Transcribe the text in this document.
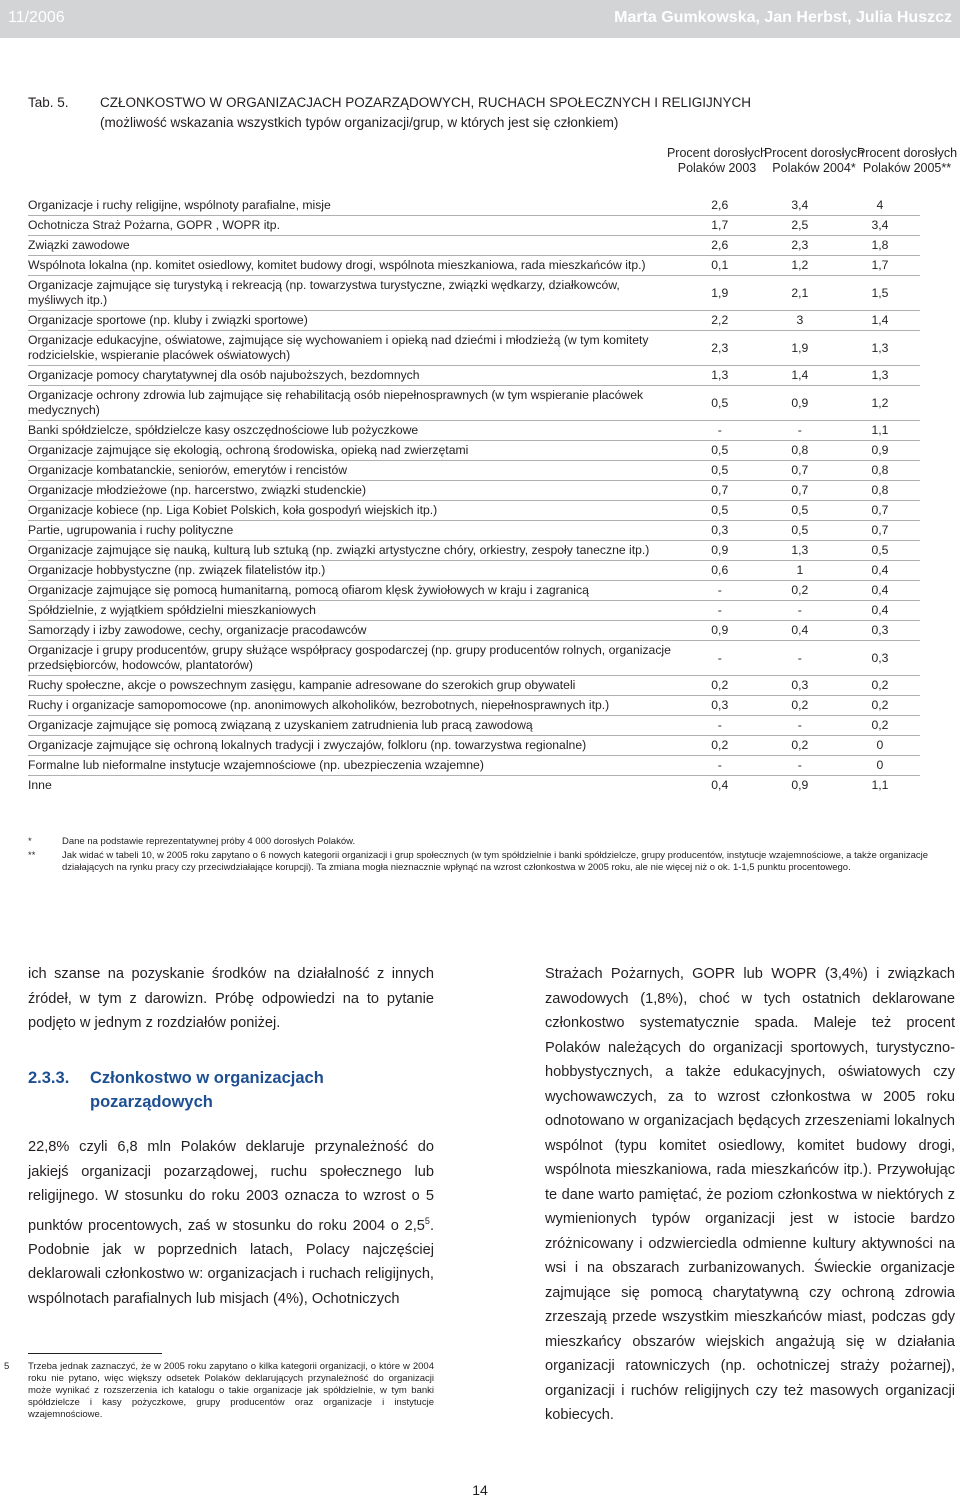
11/2006	Marta Gumkowska, Jan Herbst, Julia Huszcz
Tab. 5. CZŁONKOSTWO W ORGANIZACJACH POZARZĄDOWYCH, RUCHACH SPOŁECZNYCH I RELIGIJNYCH
(możliwość wskazania wszystkich typów organizacji/grup, w których jest się członkiem)
Procent dorosłych Polaków 2003
Procent dorosłych Polaków 2004*
Procent dorosłych Polaków 2005**
Organizacje i ruchy religijne, wspólnoty parafialne, misje	2,6	3,4	4
Ochotnicza Straż Pożarna, GOPR , WOPR itp.	1,7	2,5	3,4
Związki zawodowe	2,6	2,3	1,8
Wspólnota lokalna (np. komitet osiedlowy, komitet budowy drogi, wspólnota mieszkaniowa, rada mieszkańców itp.)	0,1	1,2	1,7
Organizacje zajmujące się turystyką i rekreacją (np. towarzystwa turystyczne, związki wędkarzy, działkowców, myśliwych itp.)	1,9	2,1	1,5
Organizacje sportowe (np. kluby i związki sportowe)	2,2	3	1,4
Organizacje edukacyjne, oświatowe, zajmujące się wychowaniem i opieką nad dziećmi i młodzieżą (w tym komitety rodzicielskie, wspieranie placówek oświatowych)	2,3	1,9	1,3
Organizacje pomocy charytatywnej dla osób najuboższych, bezdomnych	1,3	1,4	1,3
Organizacje ochrony zdrowia lub zajmujące się rehabilitacją osób niepełnosprawnych (w tym wspieranie placówek medycznych)	0,5	0,9	1,2
Banki spółdzielcze, spółdzielcze kasy oszczędnościowe lub pożyczkowe	-	-	1,1
Organizacje zajmujące się ekologią, ochroną środowiska, opieką nad zwierzętami	0,5	0,8	0,9
Organizacje kombatanckie, seniorów, emerytów i rencistów	0,5	0,7	0,8
Organizacje młodzieżowe (np. harcerstwo, związki studenckie)	0,7	0,7	0,8
Organizacje kobiece (np. Liga Kobiet Polskich, koła gospodyń wiejskich itp.)	0,5	0,5	0,7
Partie, ugrupowania i ruchy polityczne	0,3	0,5	0,7
Organizacje zajmujące się nauką, kulturą lub sztuką (np. związki artystyczne chóry, orkiestry, zespoły taneczne itp.)	0,9	1,3	0,5
Organizacje hobbystyczne (np. związek filatelistów itp.)	0,6	1	0,4
Organizacje zajmujące się pomocą humanitarną, pomocą ofiarom klęsk żywiołowych w kraju i zagranicą	-	0,2	0,4
Spółdzielnie, z wyjątkiem spółdzielni mieszkaniowych	-	-	0,4
Samorządy i izby zawodowe, cechy, organizacje pracodawców	0,9	0,4	0,3
Organizacje i grupy producentów, grupy służące współpracy gospodarczej (np. grupy producentów rolnych, organizacje przedsiębiorców, hodowców, plantatorów)	-	-	0,3
Ruchy społeczne, akcje o powszechnym zasięgu, kampanie adresowane do szerokich grup obywateli	0,2	0,3	0,2
Ruchy i organizacje samopomocowe (np. anonimowych alkoholików, bezrobotnych, niepełnosprawnych itp.)	0,3	0,2	0,2
Organizacje zajmujące się pomocą związaną z uzyskaniem zatrudnienia lub pracą zawodową	-	-	0,2
Organizacje zajmujące się ochroną lokalnych tradycji i zwyczajów, folkloru (np. towarzystwa regionalne)	0,2	0,2	0
Formalne lub nieformalne instytucje wzajemnościowe (np. ubezpieczenia wzajemne)	-	-	0
Inne	0,4	0,9	1,1
*	Dane na podstawie reprezentatywnej próby 4 000 dorosłych Polaków.
**	Jak widać w tabeli 10, w 2005 roku zapytano o 6 nowych kategorii organizacji i grup społecznych (w tym spółdzielnie i banki spółdzielcze, grupy producentów, instytucje wzajemnościowe, a także organizacje działających na rynku pracy czy przeciwdziałające korupcji). Ta zmiana mogła nieznacznie wpłynąć na wzrost członkostwa w 2005 roku, ale nie więcej niż o ok. 1-1,5 punktu procentowego.

ich szanse na pozyskanie środków na działalność z innych źródeł, w tym z darowizn. Próbę odpowiedzi na to pytanie podjęto w jednym z rozdziałów poniżej.

2.3.3. Członkostwo w organizacjach pozarządowych

22,8% czyli 6,8 mln Polaków deklaruje przynależność do jakiejś organizacji pozarządowej, ruchu społecznego lub religijnego. W stosunku do roku 2003 oznacza to wzrost o 5 punktów procentowych, zaś w stosunku do roku 2004 o $2,5^5$. Podobnie jak w poprzednich latach, Polacy najczęściej deklarowali członkostwo w: organizacjach i ruchach religijnych, wspólnotach parafialnych lub misjach (4%), Ochotniczych

Strażach Pożarnych, GOPR lub WOPR (3,4%) i związkach zawodowych (1,8%), choć w tych ostatnich deklarowane członkostwo systematycznie spada. Maleje też procent Polaków należących do organizacji sportowych, turystyczno-hobbystycznych, a także edukacyjnych, oświatowych czy wychowawczych, za to wzrost członkostwa w 2005 roku odnotowano w organizacjach będących zrzeszeniami lokalnych wspólnot (typu komitet osiedlowy, komitet budowy drogi, wspólnota mieszkaniowa, rada mieszkańców itp.). Przywołując te dane warto pamiętać, że poziom członkostwa w niektórych z wymienionych typów organizacji jest w istocie bardzo zróżnicowany i odzwierciedla odmienne kultury aktywności na wsi i na obszarach zurbanizowanych. Świeckie organizacje zajmujące się pomocą charytatywną czy ochroną zdrowia zrzeszają przede wszystkim mieszkańców miast, podczas gdy mieszkańcy obszarów wiejskich angażują się w działania organizacji ratowniczych (np. ochotniczej straży pożarnej), organizacji i ruchów religijnych czy też masowych organizacji kobiecych.

5 Trzeba jednak zaznaczyć, że w 2005 roku zapytano o kilka kategorii organizacji, o które w 2004 roku nie pytano, więc większy odsetek Polaków deklarujących przynależność do organizacji może wynikać z rozszerzenia ich katalogu o takie organizacje jak spółdzielnie, w tym banki spółdzielcze i kasy pożyczkowe, grupy producentów oraz organizacje i instytucje wzajemnościowe.
14
